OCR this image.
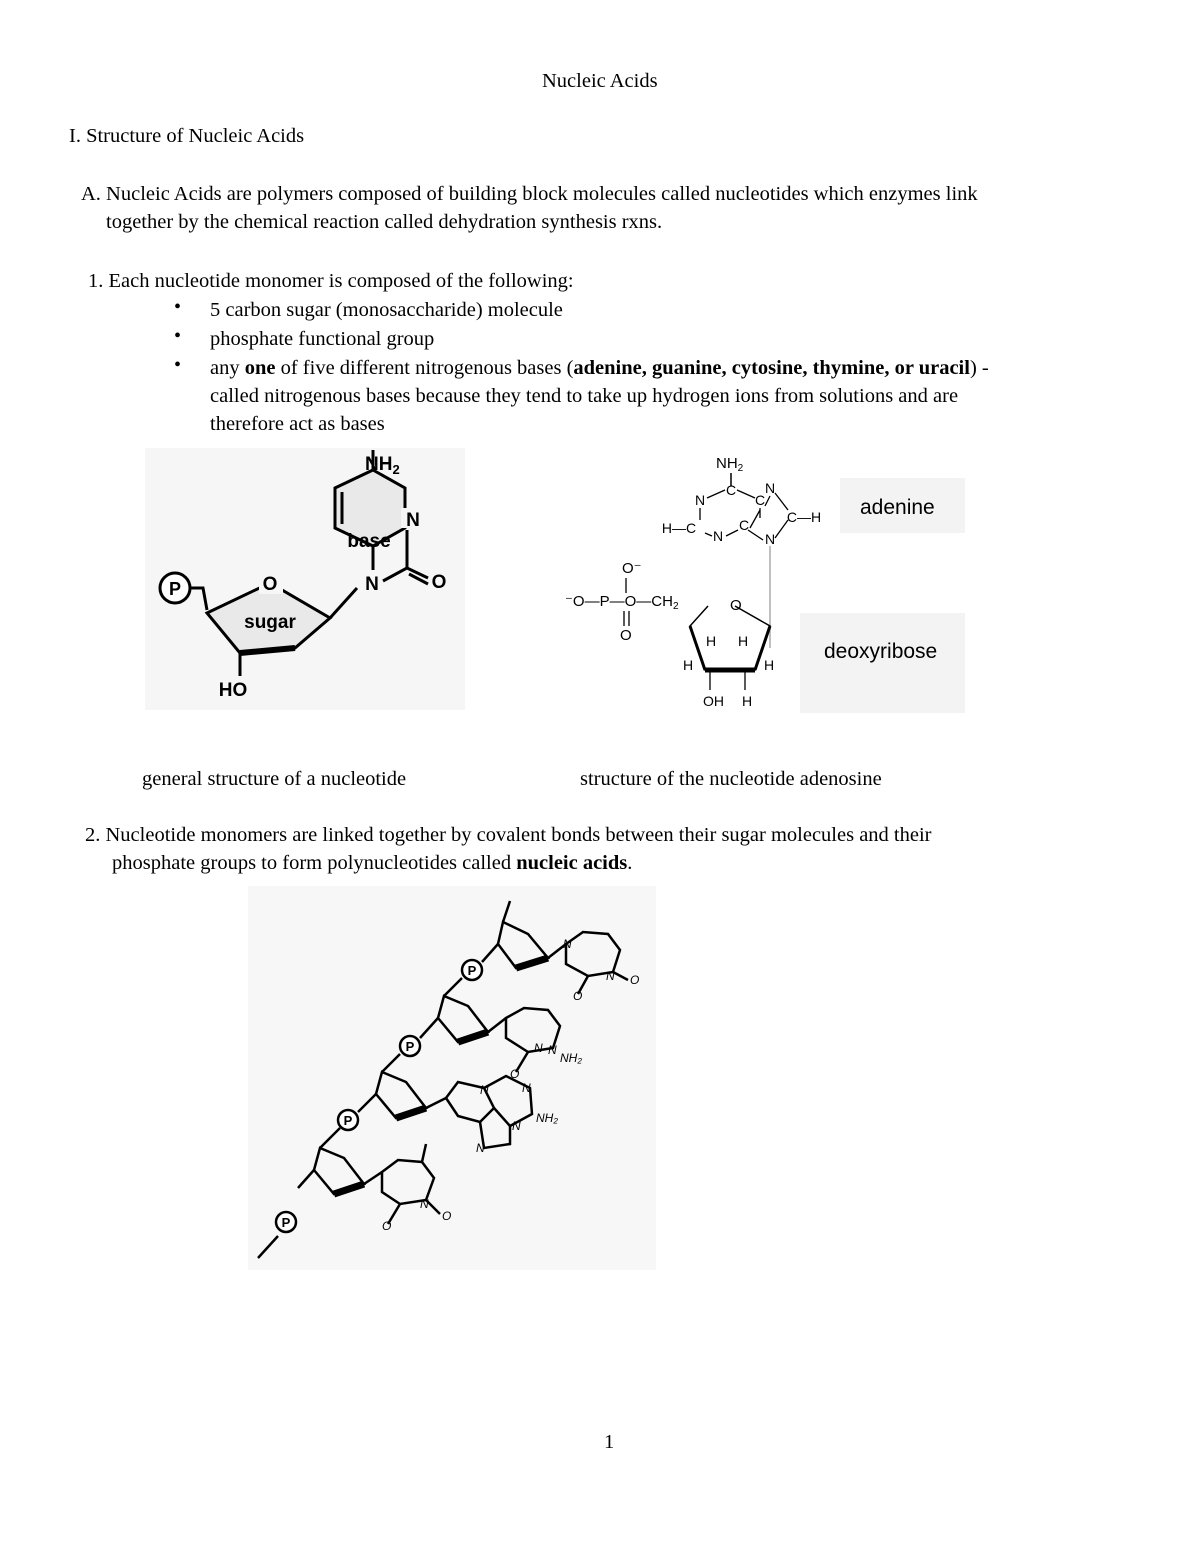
Nucleic Acids
I. Structure of Nucleic Acids
A. Nucleic Acids are polymers composed of building block molecules called nucleotides which enzymes link
together by the chemical reaction called dehydration synthesis rxns.
1. Each nucleotide monomer is composed of the following:
• 5 carbon sugar (monosaccharide) molecule
• phosphate functional group
• any one of five different nitrogenous bases (adenine, guanine, cytosine, thymine, or uracil) -
called nitrogenous bases because they tend to take up hydrogen ions from solutions and are
therefore act as bases
P	O
sugar
HO
N
N	O
base
$NH_2$	$NH_2$
N
C
C
N
H—C N
C
N
C—H
O⁻
$^-O—P—O—CH_2$
O
O
H H
H	H
OH H
adenine
deoxyribose
general structure of a nucleotide	structure of the nucleotide adenosine
2. Nucleotide monomers are linked together by covalent bonds between their sugar molecules and their
phosphate groups to form polynucleotides called nucleic acids.
P
P
P
P
O
O
N
N
O
N
NH₂
N
N	N
NH₂
N
N
O
O
N
1
